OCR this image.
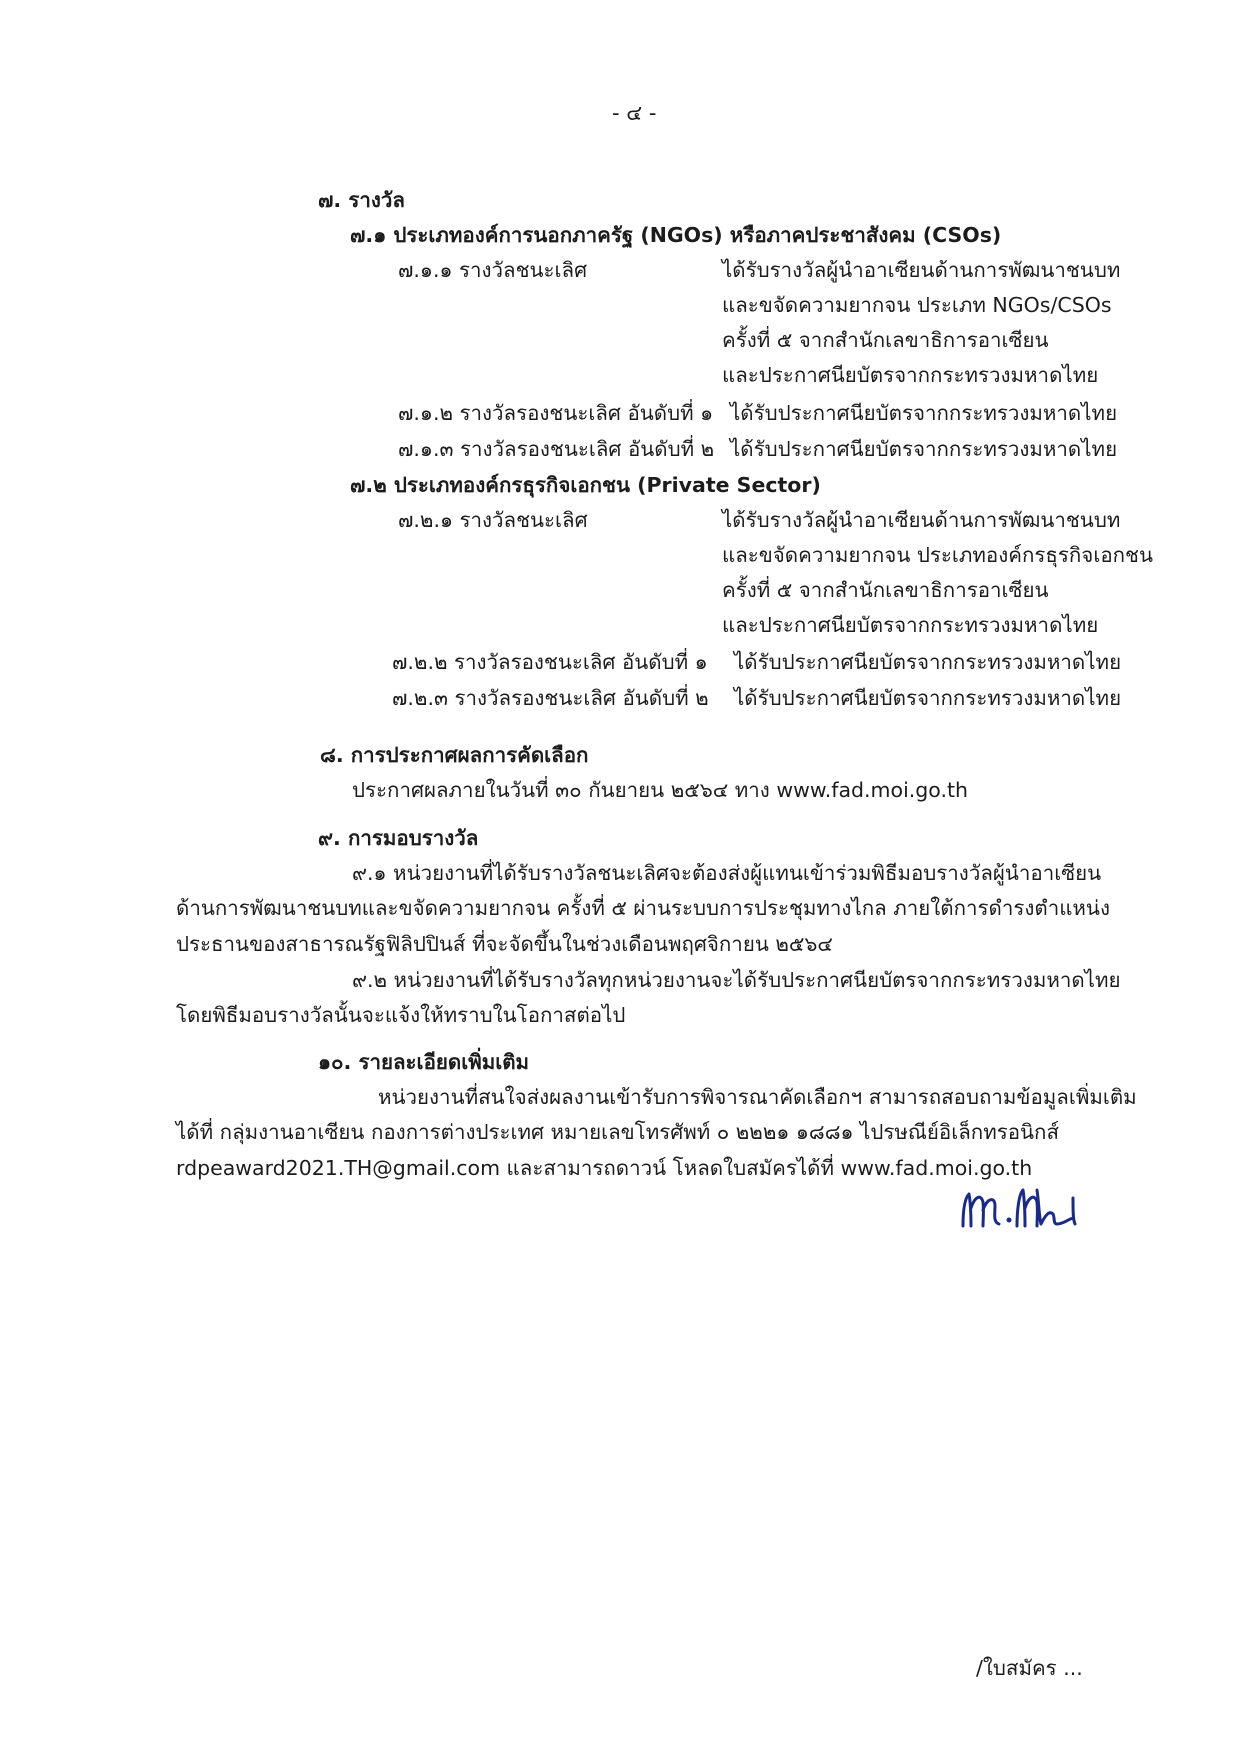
- ๔ -
๗. รางวัล
๗.๑ ประเภทองค์การนอกภาครัฐ (NGOs) หรือภาคประชาสังคม (CSOs)
๗.๑.๑ รางวัลชนะเลิศ	ได้รับรางวัลผู้นำอาเซียนด้านการพัฒนาชนบท
และขจัดความยากจน ประเภท NGOs/CSOs
ครั้งที่ ๕ จากสำนักเลขาธิการอาเซียน
และประกาศนียบัตรจากกระทรวงมหาดไทย
๗.๑.๒ รางวัลรองชนะเลิศ อันดับที่ ๑ ได้รับประกาศนียบัตรจากกระทรวงมหาดไทย
๗.๑.๓ รางวัลรองชนะเลิศ อันดับที่ ๒ ได้รับประกาศนียบัตรจากกระทรวงมหาดไทย
๗.๒ ประเภทองค์กรธุรกิจเอกชน (Private Sector)
๗.๒.๑ รางวัลชนะเลิศ	ได้รับรางวัลผู้นำอาเซียนด้านการพัฒนาชนบท
และขจัดความยากจน ประเภทองค์กรธุรกิจเอกชน
ครั้งที่ ๕ จากสำนักเลขาธิการอาเซียน
และประกาศนียบัตรจากกระทรวงมหาดไทย
๗.๒.๒ รางวัลรองชนะเลิศ อันดับที่ ๑ ได้รับประกาศนียบัตรจากกระทรวงมหาดไทย
๗.๒.๓ รางวัลรองชนะเลิศ อันดับที่ ๒ ได้รับประกาศนียบัตรจากกระทรวงมหาดไทย
๘. การประกาศผลการคัดเลือก
ประกาศผลภายในวันที่ ๓๐ กันยายน ๒๕๖๔ ทาง www.fad.moi.go.th
๙. การมอบรางวัล
๙.๑ หน่วยงานที่ได้รับรางวัลชนะเลิศจะต้องส่งผู้แทนเข้าร่วมพิธีมอบรางวัลผู้นำอาเซียน
ด้านการพัฒนาชนบทและขจัดความยากจน ครั้งที่ ๕ ผ่านระบบการประชุมทางไกล ภายใต้การดำรงตำแหน่ง
ประธานของสาธารณรัฐฟิลิปปินส์ ที่จะจัดขึ้นในช่วงเดือนพฤศจิกายน ๒๕๖๔
๙.๒ หน่วยงานที่ได้รับรางวัลทุกหน่วยงานจะได้รับประกาศนียบัตรจากกระทรวงมหาดไทย
โดยพิธีมอบรางวัลนั้นจะแจ้งให้ทราบในโอกาสต่อไป
๑๐. รายละเอียดเพิ่มเติม
หน่วยงานที่สนใจส่งผลงานเข้ารับการพิจารณาคัดเลือกฯ สามารถสอบถามข้อมูลเพิ่มเติม
ได้ที่ กลุ่มงานอาเซียน กองการต่างประเทศ หมายเลขโทรศัพท์ ๐ ๒๒๒๑ ๑๘๘๑ ไปรษณีย์อิเล็กทรอนิกส์
rdpeaward2021.TH@gmail.com และสามารถดาวน์ โหลดใบสมัครได้ที่ www.fad.moi.go.th
/ใบสมัคร ...
